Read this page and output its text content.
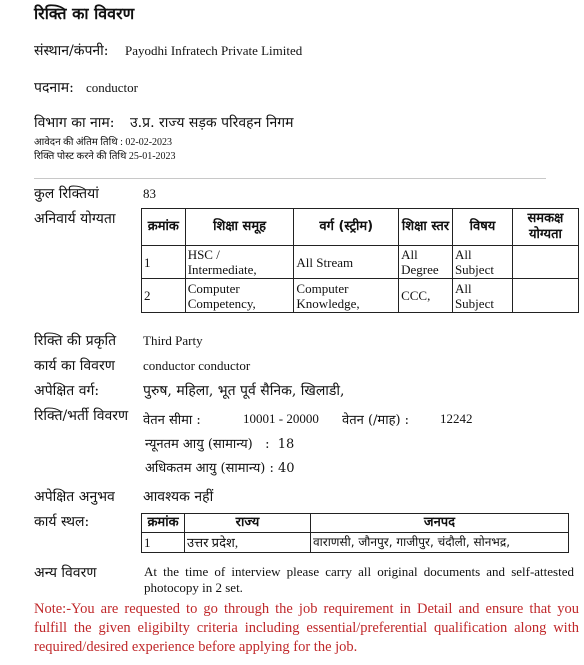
रिक्ति का विवरण
संस्थान/कंपनी: Payodhi Infratech Private Limited
पदनाम: conductor
विभाग का नाम: उ.प्र. राज्य सड़क परिवहन निगम
आवेदन की अंतिम तिथि : 02-02-2023
रिक्ति पोस्ट करने की तिथि 25-01-2023
कुल रिक्तियां	83
अनिवार्य योग्यता क्रमांक	शिक्षा समूह	वर्ग (स्ट्रीम)	शिक्षा स्तर	विषय	समकक्ष योग्यता
1	HSC / Intermediate,	All Stream	All Degree	All Subject	
2	Computer Competency,	Computer Knowledge,	CCC,	All Subject	
रिक्ति की प्रकृति Third Party
कार्य का विवरण conductor conductor
अपेक्षित वर्ग:	पुरुष, महिला, भूत पूर्व सैनिक, खिलाडी,
रिक्ति/भर्ती विवरण वेतन सीमा :	10001 - 20000 वेतन (/माह) : 12242
न्यूनतम आयु (सामान्य)   :  18
अधिकतम आयु (सामान्य) : 40
अपेक्षित अनुभव आवश्यक नहीं
कार्य स्थल:	क्रमांक	राज्य	जनपद
1	उत्तर प्रदेश,	वाराणसी, जौनपुर, गाजीपुर, चंदौली, सोनभद्र,
अन्य विवरण	At the time of interview please carry all original documents and self-attested photocopy in 2 set.
Note:-You are requested to go through the job requirement in Detail and ensure that you fulfill the given eligibilty criteria including essential/preferential qualification along with required/desired experience before applying for the job.
